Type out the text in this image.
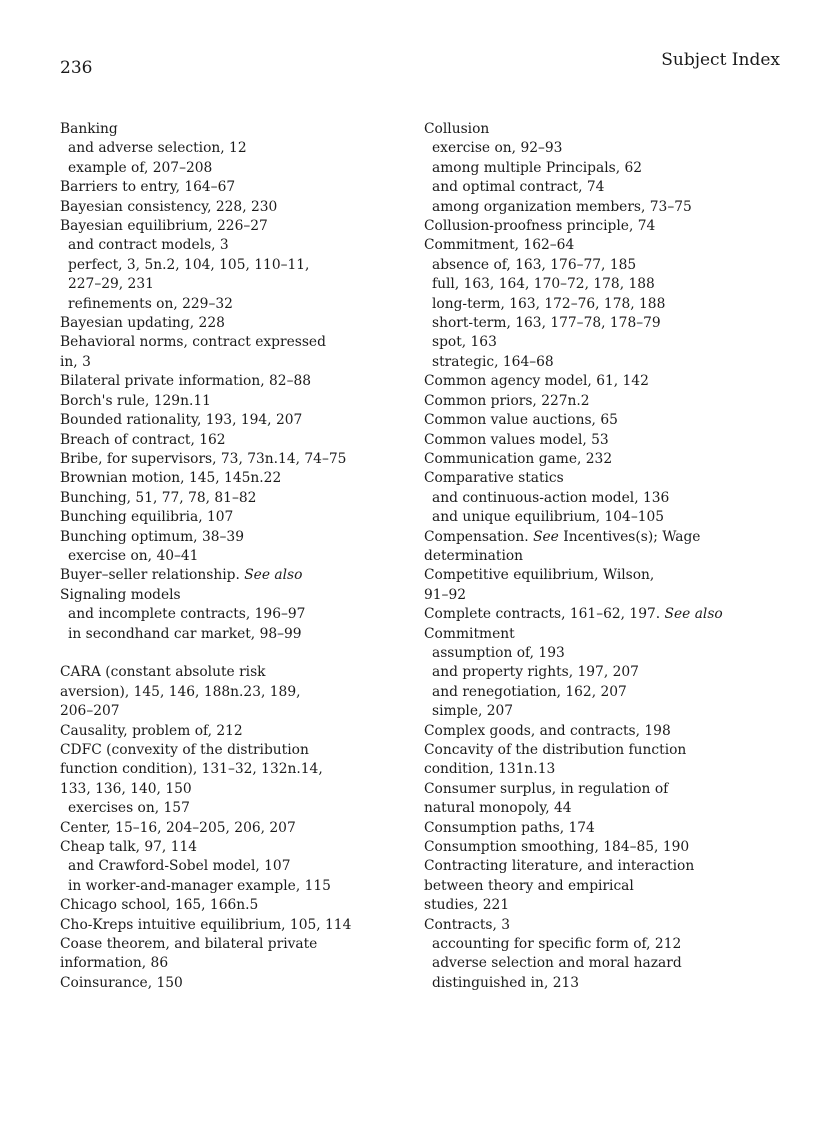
236	Subject Index
Banking
and adverse selection, 12
example of, 207–208
Barriers to entry, 164–67
Bayesian consistency, 228, 230
Bayesian equilibrium, 226–27
and contract models, 3
perfect, 3, 5n.2, 104, 105, 110–11,
227–29, 231
refinements on, 229–32
Bayesian updating, 228
Behavioral norms, contract expressed
in, 3
Bilateral private information, 82–88
Borch's rule, 129n.11
Bounded rationality, 193, 194, 207
Breach of contract, 162
Bribe, for supervisors, 73, 73n.14, 74–75
Brownian motion, 145, 145n.22
Bunching, 51, 77, 78, 81–82
Bunching equilibria, 107
Bunching optimum, 38–39
exercise on, 40–41
Buyer–seller relationship. See also
Signaling models
and incomplete contracts, 196–97
in secondhand car market, 98–99
CARA (constant absolute risk
aversion), 145, 146, 188n.23, 189,
206–207
Causality, problem of, 212
CDFC (convexity of the distribution
function condition), 131–32, 132n.14,
133, 136, 140, 150
exercises on, 157
Center, 15–16, 204–205, 206, 207
Cheap talk, 97, 114
and Crawford-Sobel model, 107
in worker-and-manager example, 115
Chicago school, 165, 166n.5
Cho-Kreps intuitive equilibrium, 105, 114
Coase theorem, and bilateral private
information, 86
Coinsurance, 150
Collusion
exercise on, 92–93
among multiple Principals, 62
and optimal contract, 74
among organization members, 73–75
Collusion-proofness principle, 74
Commitment, 162–64
absence of, 163, 176–77, 185
full, 163, 164, 170–72, 178, 188
long-term, 163, 172–76, 178, 188
short-term, 163, 177–78, 178–79
spot, 163
strategic, 164–68
Common agency model, 61, 142
Common priors, 227n.2
Common value auctions, 65
Common values model, 53
Communication game, 232
Comparative statics
and continuous-action model, 136
and unique equilibrium, 104–105
Compensation. See Incentives(s); Wage
determination
Competitive equilibrium, Wilson,
91–92
Complete contracts, 161–62, 197. See also
Commitment
assumption of, 193
and property rights, 197, 207
and renegotiation, 162, 207
simple, 207
Complex goods, and contracts, 198
Concavity of the distribution function
condition, 131n.13
Consumer surplus, in regulation of
natural monopoly, 44
Consumption paths, 174
Consumption smoothing, 184–85, 190
Contracting literature, and interaction
between theory and empirical
studies, 221
Contracts, 3
accounting for specific form of, 212
adverse selection and moral hazard
distinguished in, 213
